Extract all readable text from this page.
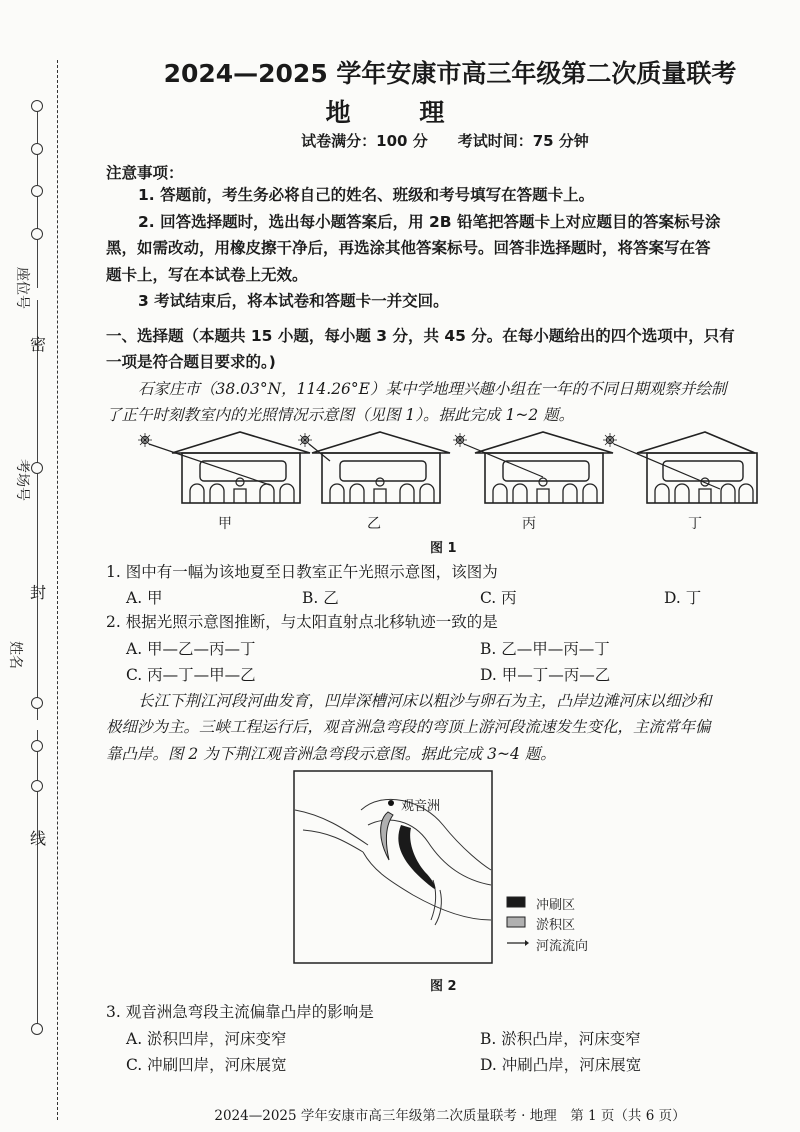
座位号
考场号
姓名
密
封
线
2024—2025 学年安康市高三年级第二次质量联考
地 理
试卷满分：100 分　　考试时间：75 分钟
注意事项：
1. 答题前，考生务必将自己的姓名、班级和考号填写在答题卡上。
2. 回答选择题时，选出每小题答案后，用 2B 铅笔把答题卡上对应题目的答案标号涂
黑，如需改动，用橡皮擦干净后，再选涂其他答案标号。回答非选择题时，将答案写在答
题卡上，写在本试卷上无效。
3 考试结束后，将本试卷和答题卡一并交回。
一、选择题（本题共 15 小题，每小题 3 分，共 45 分。在每小题给出的四个选项中，只有
一项是符合题目要求的。)
石家庄市（38.03°N，114.26°E）某中学地理兴趣小组在一年的不同日期观察并绘制
了正午时刻教室内的光照情况示意图（见图 1）。据此完成 1~2 题。
甲	乙	丙	丁
图 1
1. 图中有一幅为该地夏至日教室正午光照示意图，该图为
A. 甲	B. 乙	C. 丙	D. 丁
2. 根据光照示意图推断，与太阳直射点北移轨迹一致的是
A. 甲—乙—丙—丁	B. 乙—甲—丙—丁
C. 丙—丁—甲—乙	D. 甲—丁—丙—乙
长江下荆江河段河曲发育，凹岸深槽河床以粗沙与卵石为主，凸岸边滩河床以细沙和
极细沙为主。三峡工程运行后，观音洲急弯段的弯顶上游河段流速发生变化，主流常年偏
靠凸岸。图 2 为下荆江观音洲急弯段示意图。据此完成 3~4 题。
观音洲
冲刷区
淤积区
河流流向
图 2
3. 观音洲急弯段主流偏靠凸岸的影响是
A. 淤积凹岸，河床变窄	B. 淤积凸岸，河床变窄
C. 冲刷凹岸，河床展宽	D. 冲刷凸岸，河床展宽
2024—2025 学年安康市高三年级第二次质量联考 · 地理　第 1 页（共 6 页）
